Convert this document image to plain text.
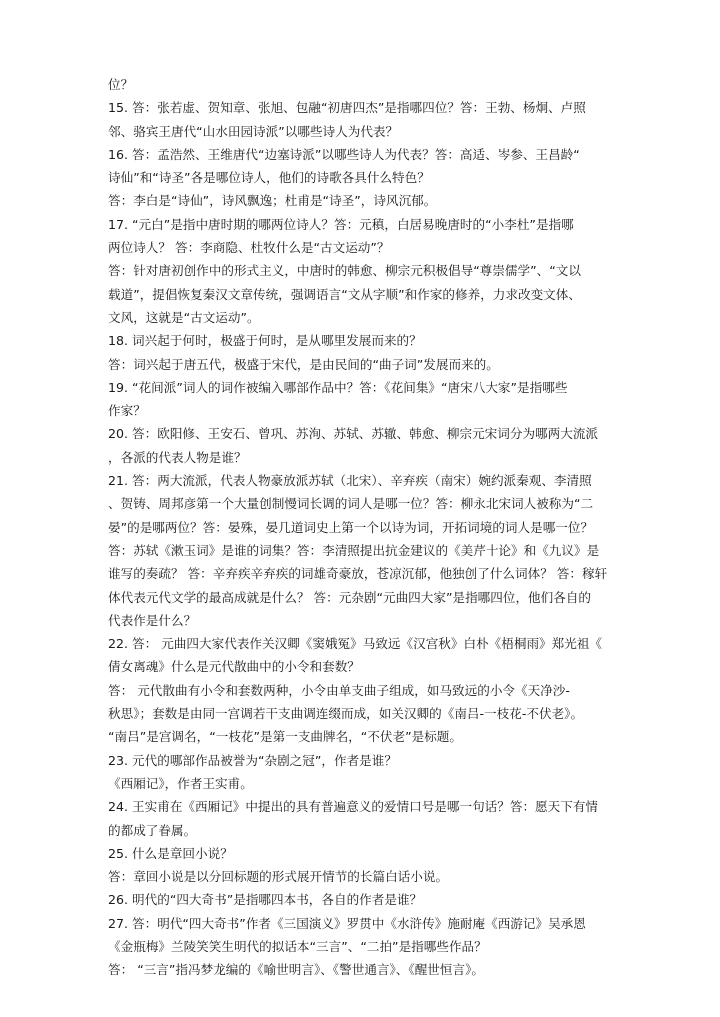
位？
15. 答：张若虚、贺知章、张旭、包融“初唐四杰”是指哪四位？答：王勃、杨炯、卢照
邻、骆宾王唐代“山水田园诗派”以哪些诗人为代表？
16. 答：孟浩然、王维唐代“边塞诗派”以哪些诗人为代表？答：高适、岑参、王昌龄“
诗仙”和“诗圣”各是哪位诗人，他们的诗歌各具什么特色？
答：李白是“诗仙”，诗风飘逸；杜甫是“诗圣”，诗风沉郁。
17. “元白”是指中唐时期的哪两位诗人？答：元稹，白居易晚唐时的“小李杜”是指哪
两位诗人？ 答：李商隐、杜牧什么是“古文运动”？
答：针对唐初创作中的形式主义，中唐时的韩愈、柳宗元积极倡导“尊崇儒学”、“文以
载道”，提倡恢复秦汉文章传统，强调语言“文从字顺”和作家的修养，力求改变文体、
文风，这就是“古文运动”。
18. 词兴起于何时，极盛于何时，是从哪里发展而来的？
答：词兴起于唐五代，极盛于宋代，是由民间的“曲子词”发展而来的。
19. “花间派”词人的词作被编入哪部作品中？答：《花间集》“唐宋八大家”是指哪些
作家？
20. 答：欧阳修、王安石、曾巩、苏洵、苏轼、苏辙、韩愈、柳宗元宋词分为哪两大流派
，各派的代表人物是谁？
21. 答：两大流派，代表人物豪放派苏轼（北宋）、辛弃疾（南宋）婉约派秦观、李清照
、贺铸、周邦彦第一个大量创制慢词长调的词人是哪一位？答：柳永北宋词人被称为“二
晏”的是哪两位？答：晏殊，晏几道词史上第一个以诗为词，开拓词境的词人是哪一位？
答：苏轼《漱玉词》是谁的词集？答：李清照提出抗金建议的《美芹十论》和《九议》是
谁写的奏疏？ 答：辛弃疾辛弃疾的词雄奇豪放，苍凉沉郁，他独创了什么词体？ 答：稼轩
体代表元代文学的最高成就是什么？ 答：元杂剧“元曲四大家”是指哪四位，他们各自的
代表作是什么？
22. 答： 元曲四大家代表作关汉卿《窦娥冤》马致远《汉宫秋》白朴《梧桐雨》郑光祖《
倩女离魂》什么是元代散曲中的小令和套数？
答： 元代散曲有小令和套数两种，小令由单支曲子组成，如马致远的小令《天净沙-
秋思》；套数是由同一宫调若干支曲调连缀而成，如关汉卿的《南吕-一枝花-不伏老》。
“南吕”是宫调名，“一枝花”是第一支曲牌名，“不伏老”是标题。
23. 元代的哪部作品被誉为“杂剧之冠”，作者是谁？
《西厢记》，作者王实甫。
24. 王实甫在《西厢记》中提出的具有普遍意义的爱情口号是哪一句话？答：愿天下有情
的都成了眷属。
25. 什么是章回小说？
答：章回小说是以分回标题的形式展开情节的长篇白话小说。
26. 明代的“四大奇书”是指哪四本书，各自的作者是谁？
27. 答：明代“四大奇书”作者《三国演义》罗贯中《水浒传》施耐庵《西游记》吴承恩
《金瓶梅》兰陵笑笑生明代的拟话本“三言”、“二拍”是指哪些作品？
答： “三言”指冯梦龙编的《喻世明言》、《警世通言》、《醒世恒言》。
